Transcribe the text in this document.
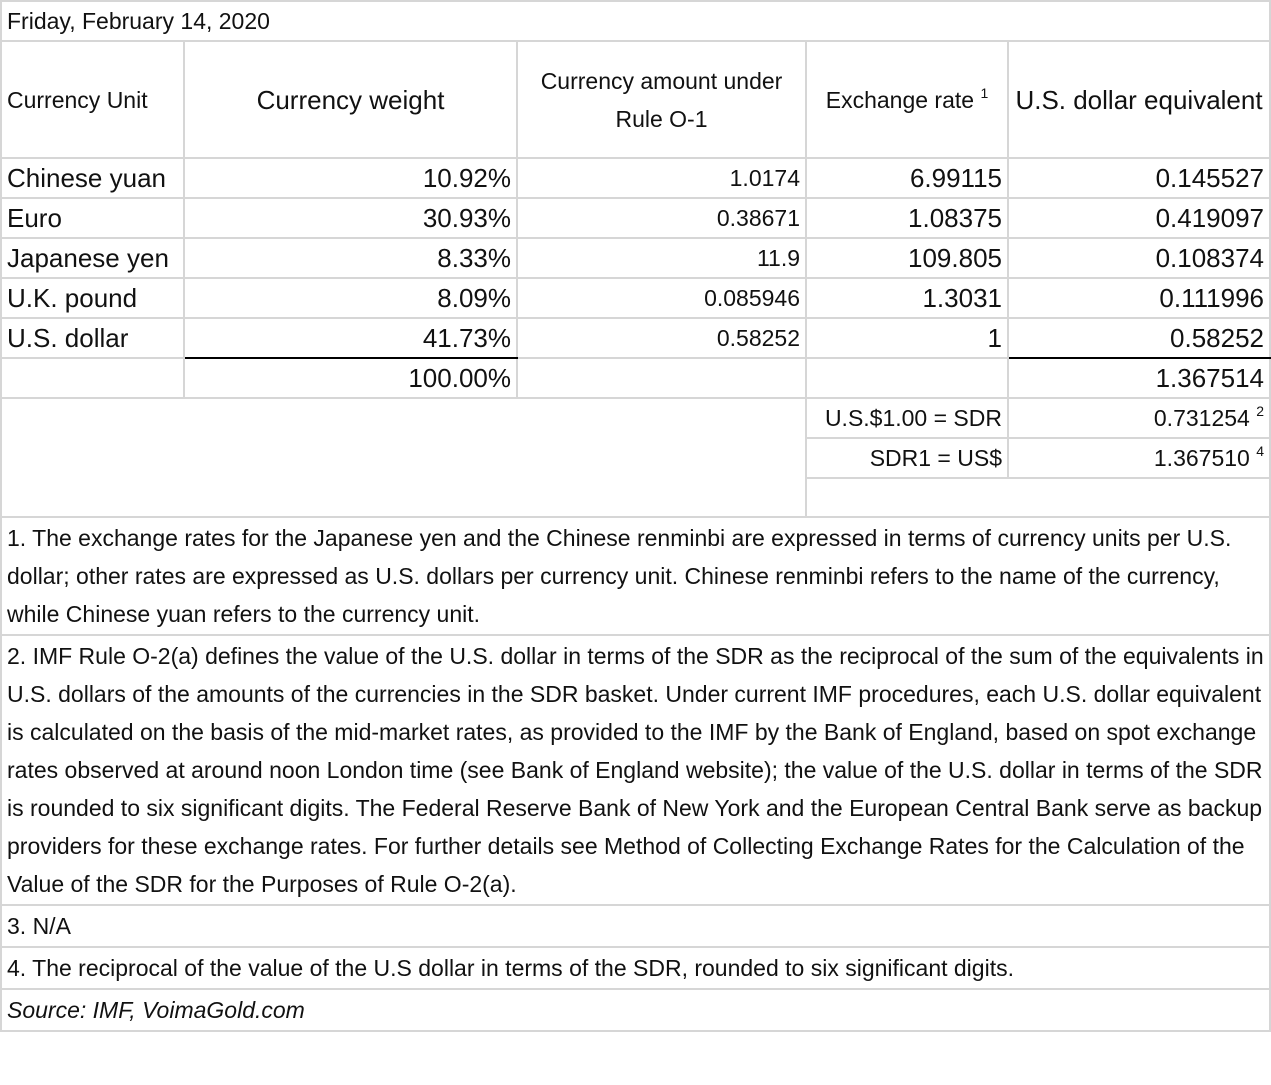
Friday, February 14, 2020				
Currency Unit	Currency weight	Currency amount under Rule O-1	Exchange rate $^1$	U.S. dollar equivalent
Chinese yuan	10.92%	1.0174	6.99115	0.145527
Euro	30.93%	0.38671	1.08375	0.419097
Japanese yen	8.33%	11.9	109.805	0.108374
U.K. pound	8.09%	0.085946	1.3031	0.111996
U.S. dollar	41.73%	0.58252	1	0.58252
	100.00%			1.367514
			U.S.$1.00 = SDR	0.731254 $^2$
			SDR1 = US$	1.367510 $^4$

1. The exchange rates for the Japanese yen and the Chinese renminbi are expressed in terms of currency units per U.S. dollar; other rates are expressed as U.S. dollars per currency unit. Chinese renminbi refers to the name of the currency, while Chinese yuan refers to the currency unit.				
2. IMF Rule O-2(a) defines the value of the U.S. dollar in terms of the SDR as the reciprocal of the sum of the equivalents in U.S. dollars of the amounts of the currencies in the SDR basket. Under current IMF procedures, each U.S. dollar equivalent is calculated on the basis of the mid-market rates, as provided to the IMF by the Bank of England, based on spot exchange rates observed at around noon London time (see Bank of England website); the value of the U.S. dollar in terms of the SDR is rounded to six significant digits. The Federal Reserve Bank of New York and the European Central Bank serve as backup providers for these exchange rates. For further details see Method of Collecting Exchange Rates for the Calculation of the Value of the SDR for the Purposes of Rule O-2(a).				
3. N/A				
4. The reciprocal of the value of the U.S dollar in terms of the SDR, rounded to six significant digits.				
Source: IMF, VoimaGold.com				
